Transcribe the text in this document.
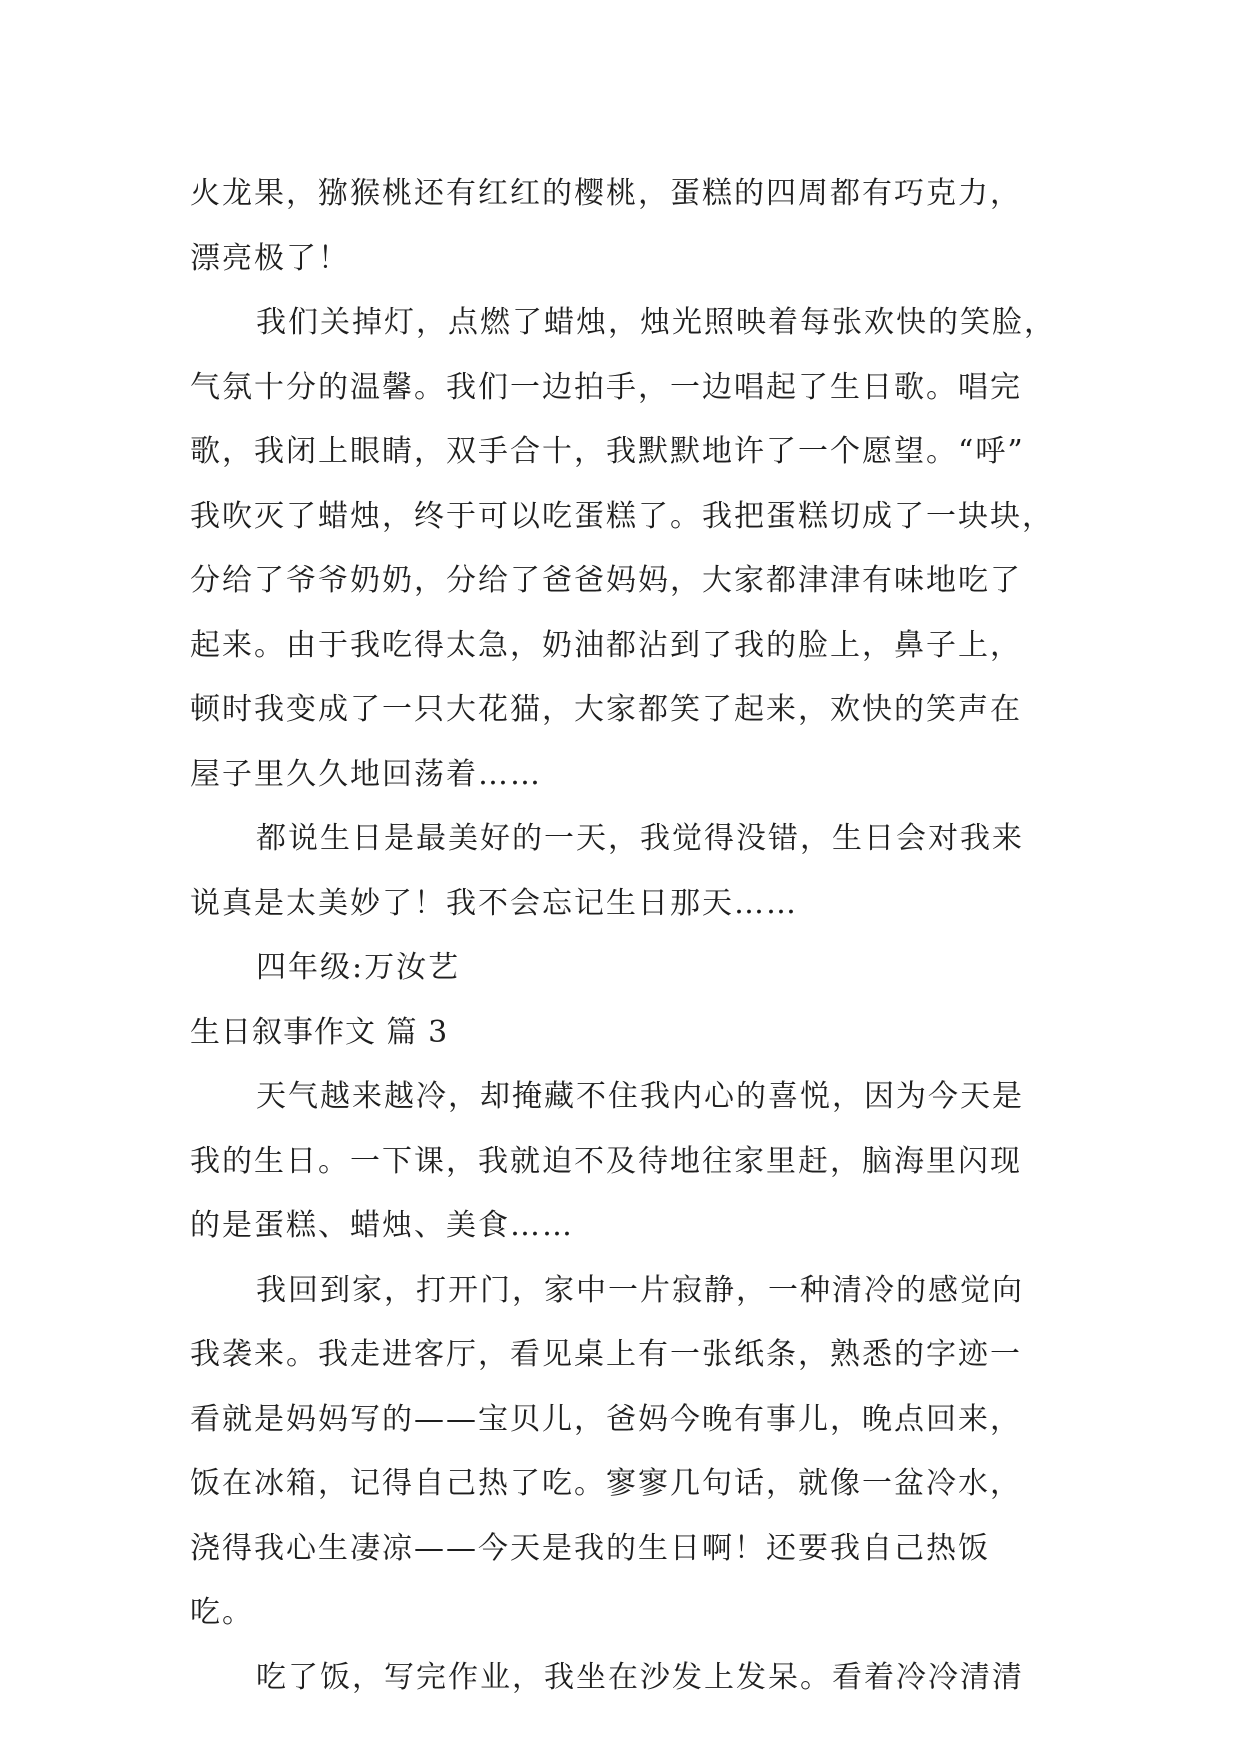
火龙果，猕猴桃还有红红的樱桃，蛋糕的四周都有巧克力，
漂亮极了！
我们关掉灯，点燃了蜡烛，烛光照映着每张欢快的笑脸，
气氛十分的温馨。我们一边拍手，一边唱起了生日歌。唱完
歌，我闭上眼睛，双手合十，我默默地许了一个愿望。“呼”
我吹灭了蜡烛，终于可以吃蛋糕了。我把蛋糕切成了一块块，
分给了爷爷奶奶，分给了爸爸妈妈，大家都津津有味地吃了
起来。由于我吃得太急，奶油都沾到了我的脸上，鼻子上，
顿时我变成了一只大花猫，大家都笑了起来，欢快的笑声在
屋子里久久地回荡着……
都说生日是最美好的一天，我觉得没错，生日会对我来
说真是太美妙了！我不会忘记生日那天……
四年级:万汝艺
生日叙事作文 篇 3
天气越来越冷，却掩藏不住我内心的喜悦，因为今天是
我的生日。一下课，我就迫不及待地往家里赶，脑海里闪现
的是蛋糕、蜡烛、美食……
我回到家，打开门，家中一片寂静，一种清冷的感觉向
我袭来。我走进客厅，看见桌上有一张纸条，熟悉的字迹一
看就是妈妈写的——宝贝儿，爸妈今晚有事儿，晚点回来，
饭在冰箱，记得自己热了吃。寥寥几句话，就像一盆冷水，
浇得我心生凄凉——今天是我的生日啊！还要我自己热饭
吃。
吃了饭，写完作业，我坐在沙发上发呆。看着冷冷清清
